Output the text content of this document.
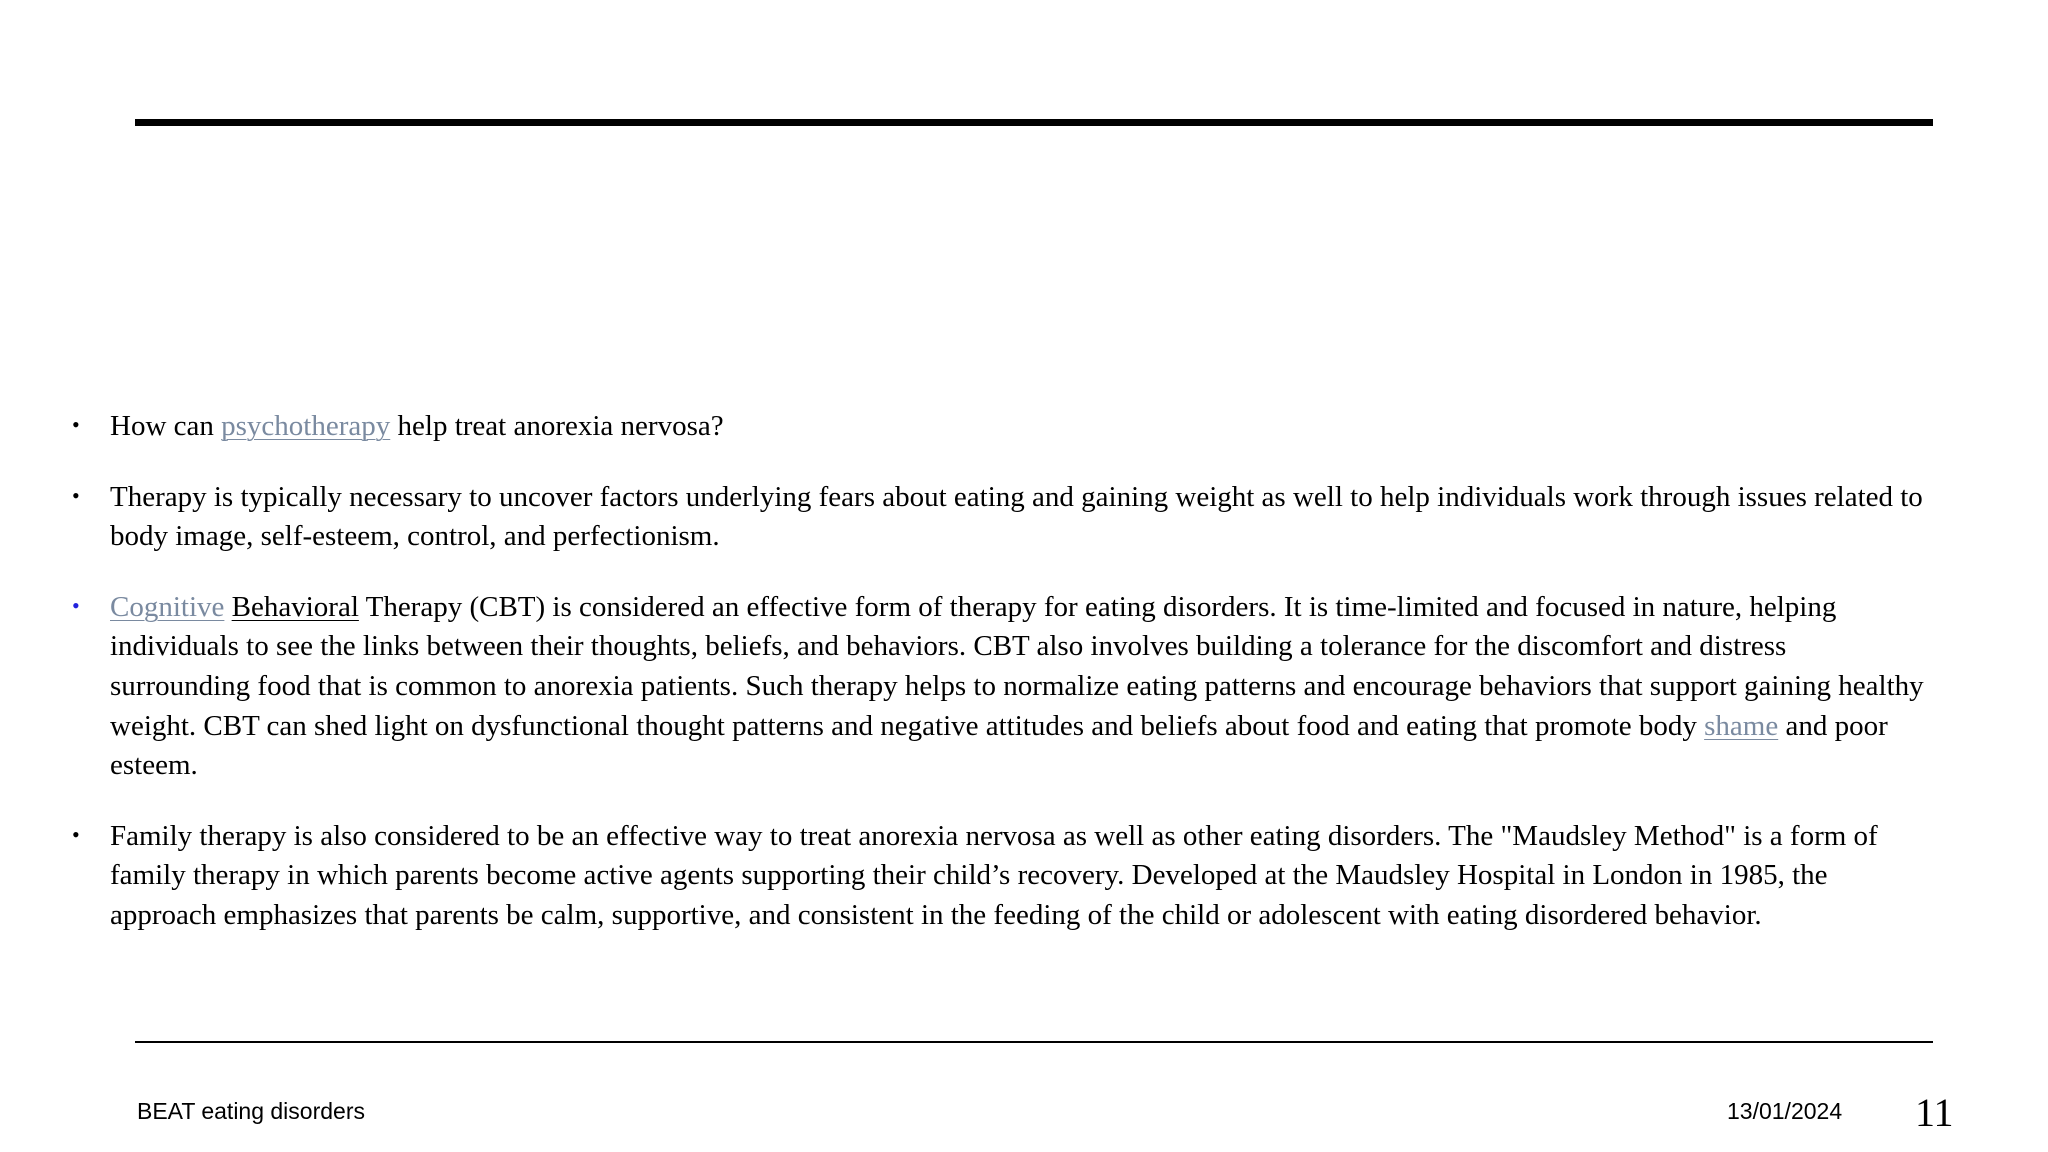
• How can psychotherapy help treat anorexia nervosa?
• Therapy is typically necessary to uncover factors underlying fears about eating and gaining weight as well to help individuals work through issues related to body image, self-esteem, control, and perfectionism.
• Cognitive Behavioral Therapy (CBT) is considered an effective form of therapy for eating disorders. It is time-limited and focused in nature, helping individuals to see the links between their thoughts, beliefs, and behaviors. CBT also involves building a tolerance for the discomfort and distress surrounding food that is common to anorexia patients. Such therapy helps to normalize eating patterns and encourage behaviors that support gaining healthy weight. CBT can shed light on dysfunctional thought patterns and negative attitudes and beliefs about food and eating that promote body shame and poor esteem.
• Family therapy is also considered to be an effective way to treat anorexia nervosa as well as other eating disorders. The "Maudsley Method" is a form of family therapy in which parents become active agents supporting their child’s recovery. Developed at the Maudsley Hospital in London in 1985, the approach emphasizes that parents be calm, supportive, and consistent in the feeding of the child or adolescent with eating disordered behavior.
BEAT eating disorders	13/01/2024 11
